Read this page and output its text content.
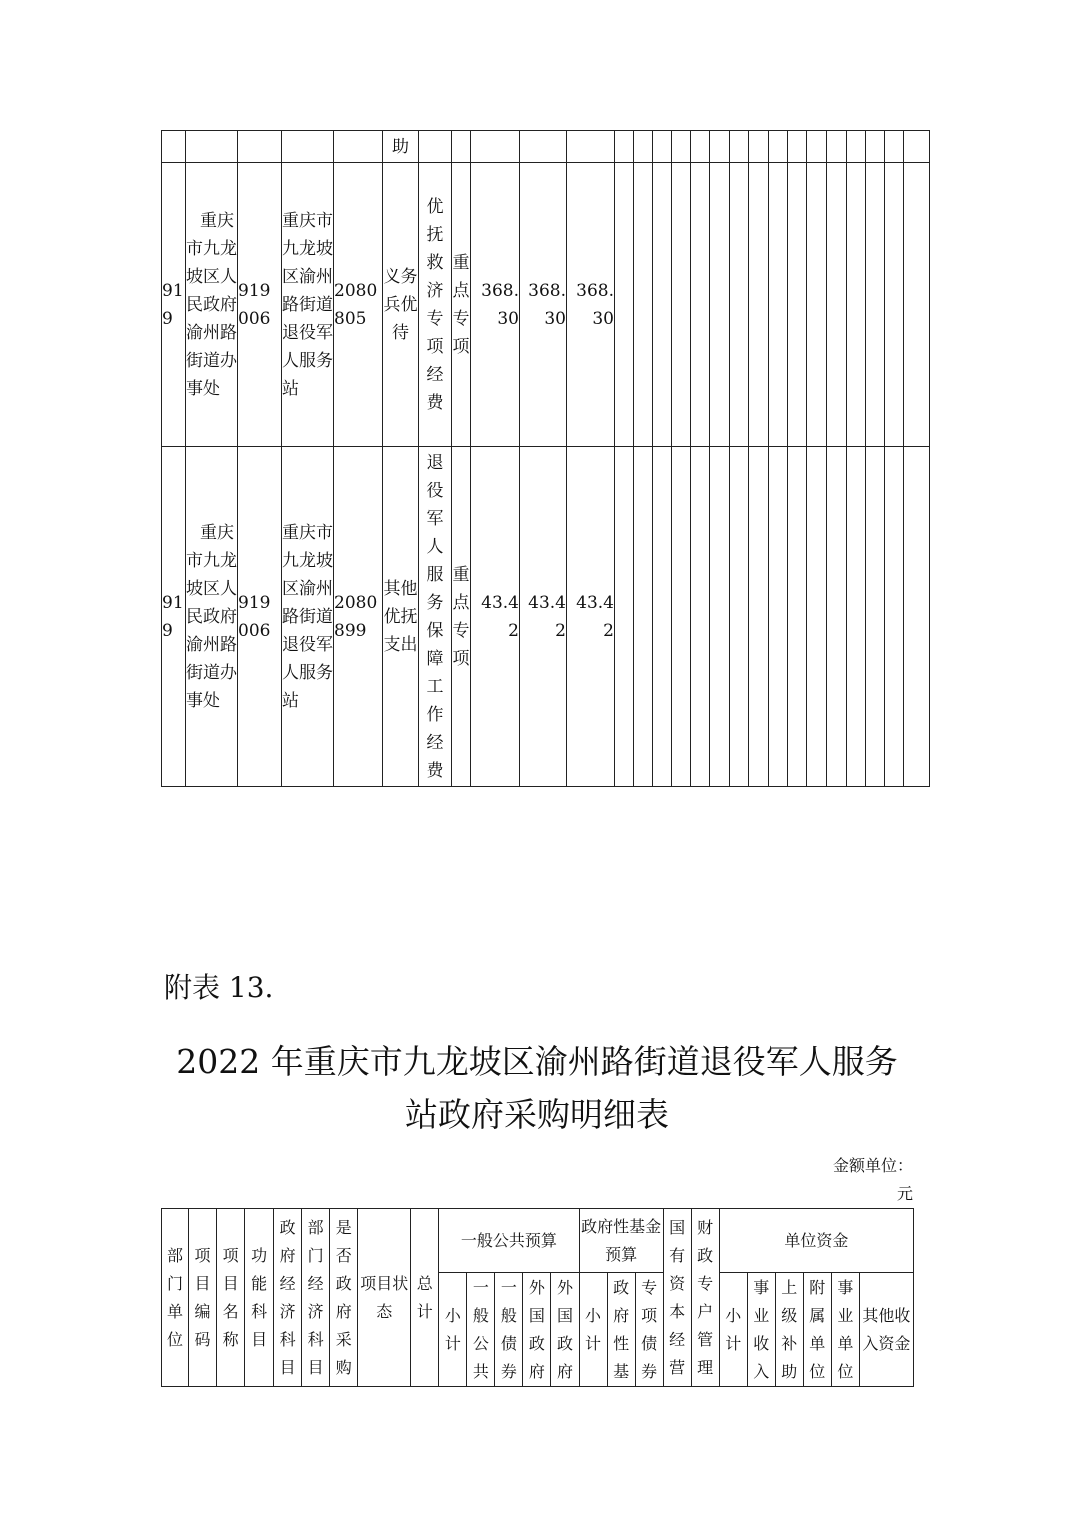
					助																					
919	重庆市九龙坡区人民政府渝州路街道办事处	919006	重庆市九龙坡区渝州路街道退役军人服务站	2080805	义务兵优待	优抚救济专项经费	重点专项	368.30	368.30	368.30																
919	重庆市九龙坡区人民政府渝州路街道办事处	919006	重庆市九龙坡区渝州路街道退役军人服务站	2080899	其他优抚支出	退役军人服务保障工作经费	重点专项	43.42	43.42	43.42																
附表 13.
2022 年重庆市九龙坡区渝州路街道退役军人服务
站政府采购明细表
金额单位：元
部门单位	项目编码	项目名称	功能科目	政府经济科目	部门经济科目	是否政府采购	项目状态	总计	一般公共预算					政府性基金预算			国有资本经营	财政专户管理	单位资金					
									小计	一般公共	一般债券	外国政府	外国政府	小计	政府性基	专项债券			小计	事业收入	上级补助	附属单位	事业单位	其他收入资金
